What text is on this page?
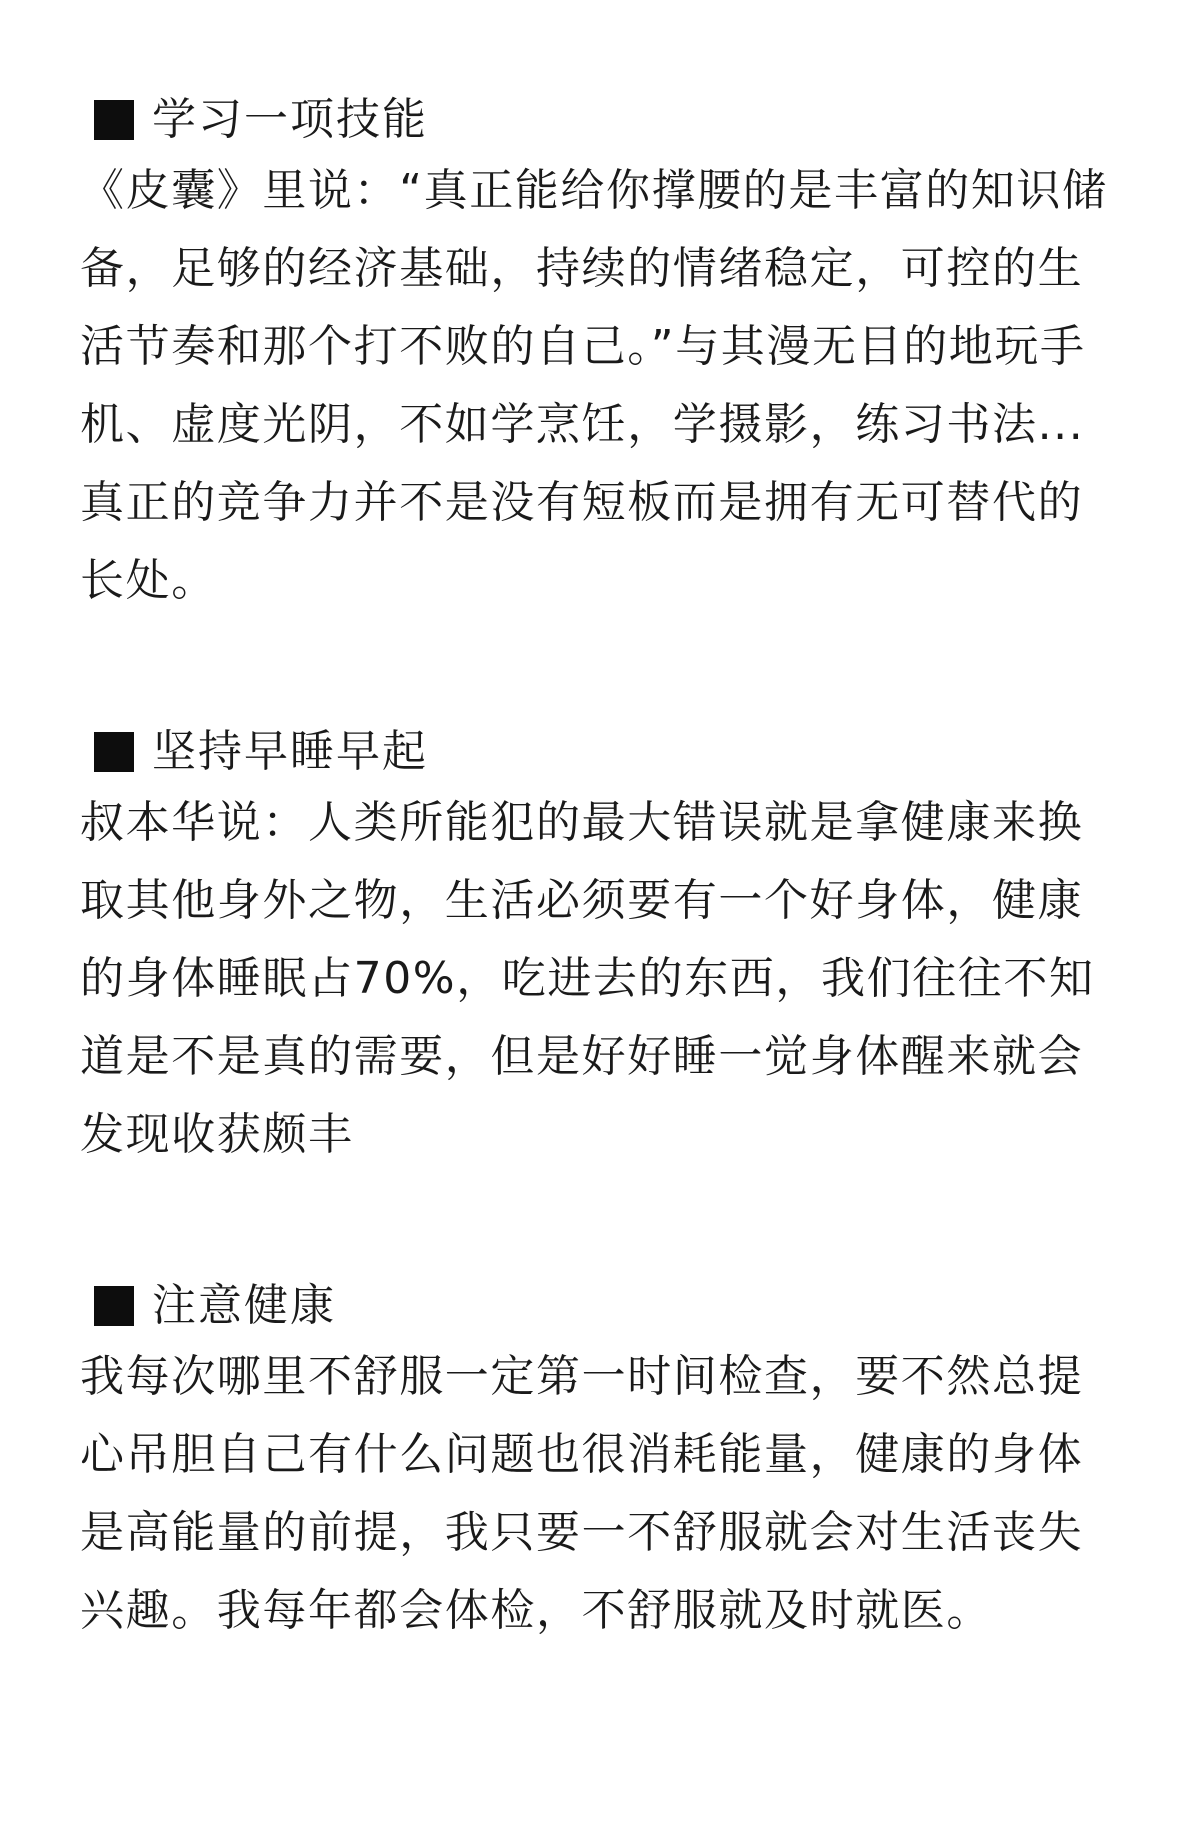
学习一项技能

《皮囊》里说：“真正能给你撑腰的是丰富的知识储备，足够的经济基础，持续的情绪稳定，可控的生活节奏和那个打不败的自己。”与其漫无目的地玩手机、虚度光阴，不如学烹饪，学摄影，练习书法...真正的竞争力并不是没有短板而是拥有无可替代的长处。

坚持早睡早起

叔本华说：人类所能犯的最大错误就是拿健康来换取其他身外之物，生活必须要有一个好身体，健康的身体睡眠占70%，吃进去的东西，我们往往不知道是不是真的需要，但是好好睡一觉身体醒来就会发现收获颇丰

注意健康

我每次哪里不舒服一定第一时间检查，要不然总提心吊胆自己有什么问题也很消耗能量，健康的身体是高能量的前提，我只要一不舒服就会对生活丧失兴趣。我每年都会体检，不舒服就及时就医。
